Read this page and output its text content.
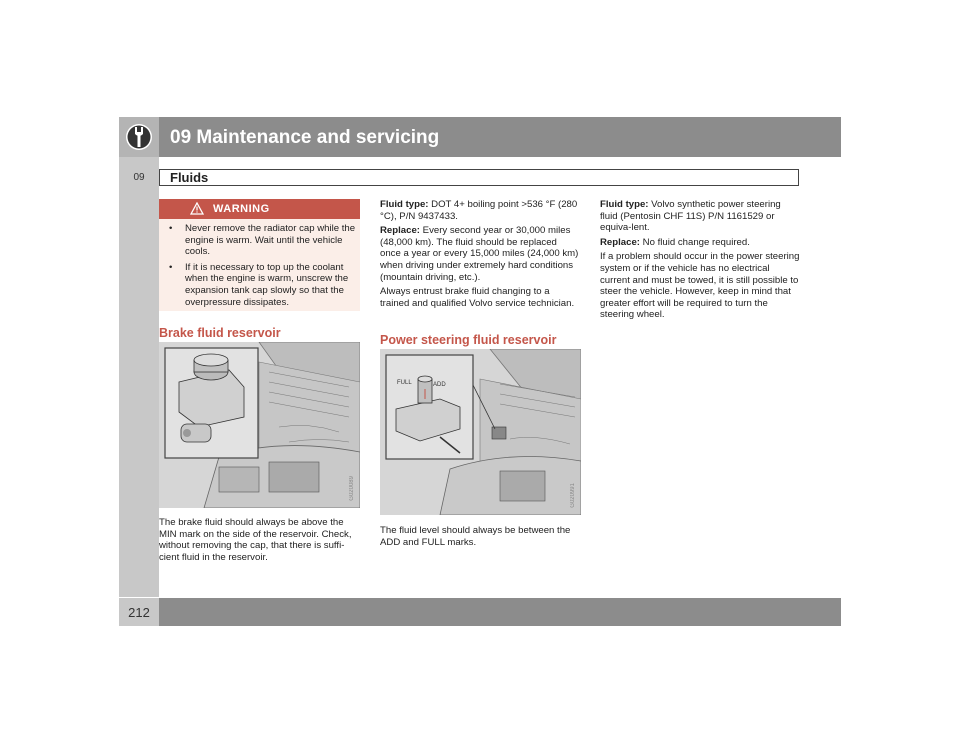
09 Maintenance and servicing
09	Fluids
WARNING
• Never remove the radiator cap while the engine is warm. Wait until the vehicle cools.
• If it is necessary to top up the coolant when the engine is warm, unscrew the expansion tank cap slowly so that the overpressure dissipates.
Brake fluid reservoir
G020089
The brake fluid should always be above the MIN mark on the side of the reservoir. Check, without removing the cap, that there is suffi-cient fluid in the reservoir.

Fluid type: DOT 4+ boiling point >536 °F (280 °C), P/N 9437433.

Replace: Every second year or 30,000 miles (48,000 km). The fluid should be replaced once a year or every 15,000 miles (24,000 km) when driving under extremely hard conditions (mountain driving, etc.).

Always entrust brake fluid changing to a trained and qualified Volvo service technician.

Power steering fluid reservoir
FULL	ADD
G020991
The fluid level should always be between the ADD and FULL marks.

Fluid type: Volvo synthetic power steering fluid (Pentosin CHF 11S) P/N 1161529 or equiva-lent.

Replace: No fluid change required.

If a problem should occur in the power steering system or if the vehicle has no electrical current and must be towed, it is still possible to steer the vehicle. However, keep in mind that greater effort will be required to turn the steering wheel.

212
